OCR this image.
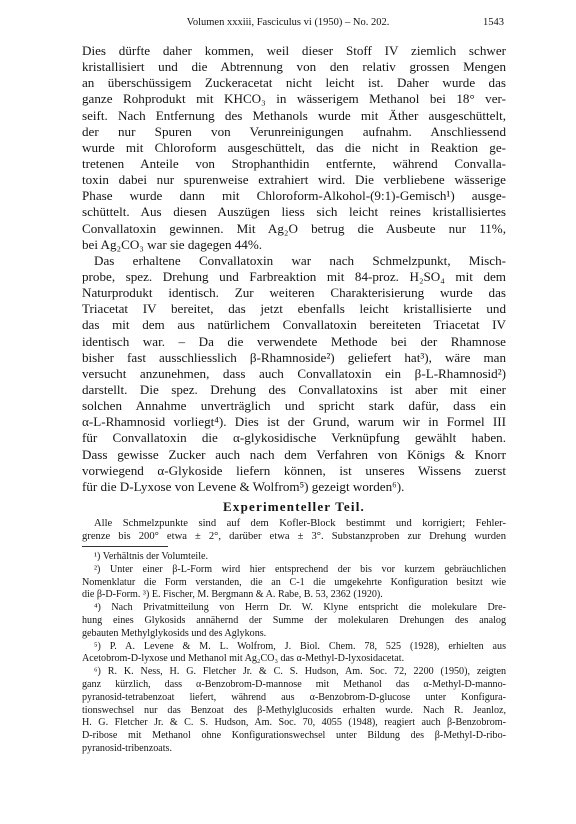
Volumen xxxiii, Fasciculus vi (1950) – No. 202.	1543
Dies dürfte daher kommen, weil dieser Stoff IV ziemlich schwer
kristallisiert und die Abtrennung von den relativ grossen Mengen
an überschüssigem Zuckeracetat nicht leicht ist. Daher wurde das
ganze Rohprodukt mit KHCO₃ in wässerigem Methanol bei 18° ver-
seift. Nach Entfernung des Methanols wurde mit Äther ausgeschüttelt,
der nur Spuren von Verunreinigungen aufnahm. Anschliessend
wurde mit Chloroform ausgeschüttelt, das die nicht in Reaktion ge-
tretenen Anteile von Strophanthidin entfernte, während Convalla-
toxin dabei nur spurenweise extrahiert wird. Die verbliebene wässerige
Phase wurde dann mit Chloroform-Alkohol-(9:1)-Gemisch¹) ausge-
schüttelt. Aus diesen Auszügen liess sich leicht reines kristallisiertes
Convallatoxin gewinnen. Mit Ag₂O betrug die Ausbeute nur 11%,
bei Ag₂CO₃ war sie dagegen 44%.
Das erhaltene Convallatoxin war nach Schmelzpunkt, Misch-
probe, spez. Drehung und Farbreaktion mit 84-proz. H₂SO₄ mit dem
Naturprodukt identisch. Zur weiteren Charakterisierung wurde das
Triacetat IV bereitet, das jetzt ebenfalls leicht kristallisierte und
das mit dem aus natürlichem Convallatoxin bereiteten Triacetat IV
identisch war. – Da die verwendete Methode bei der Rhamnose
bisher fast ausschliesslich β-Rhamnoside²) geliefert hat³), wäre man
versucht anzunehmen, dass auch Convallatoxin ein β-L-Rhamnosid²)
darstellt. Die spez. Drehung des Convallatoxins ist aber mit einer
solchen Annahme unverträglich und spricht stark dafür, dass ein
α-L-Rhamnosid vorliegt⁴). Dies ist der Grund, warum wir in Formel III
für Convallatoxin die α-glykosidische Verknüpfung gewählt haben.
Dass gewisse Zucker auch nach dem Verfahren von Königs & Knorr
vorwiegend α-Glykoside liefern können, ist unseres Wissens zuerst
für die D-Lyxose von Levene & Wolfrom⁵) gezeigt worden⁶).
Experimenteller Teil.
Alle Schmelzpunkte sind auf dem Kofler-Block bestimmt und korrigiert; Fehler-
grenze bis 200° etwa ± 2°, darüber etwa ± 3°. Substanzproben zur Drehung wurden
¹) Verhältnis der Volumteile.
²) Unter einer β-L-Form wird hier entsprechend der bis vor kurzem gebräuchlichen
Nomenklatur die Form verstanden, die an C-1 die umgekehrte Konfiguration besitzt wie
die β-D-Form. ³) E. Fischer, M. Bergmann & A. Rabe, B. 53, 2362 (1920).
⁴) Nach Privatmitteilung von Herrn Dr. W. Klyne entspricht die molekulare Dre-
hung eines Glykosids annähernd der Summe der molekularen Drehungen des analog
gebauten Methylglykosids und des Aglykons.
⁵) P. A. Levene & M. L. Wolfrom, J. Biol. Chem. 78, 525 (1928), erhielten aus
Acetobrom-D-lyxose und Methanol mit Ag₂CO₃ das α-Methyl-D-lyxosidacetat.
⁶) R. K. Ness, H. G. Fletcher Jr. & C. S. Hudson, Am. Soc. 72, 2200 (1950), zeigten
ganz kürzlich, dass α-Benzobrom-D-mannose mit Methanol das α-Methyl-D-manno-
pyranosid-tetrabenzoat liefert, während aus α-Benzobrom-D-glucose unter Konfigura-
tionswechsel nur das Benzoat des β-Methylglucosids erhalten wurde. Nach R. Jeanloz,
H. G. Fletcher Jr. & C. S. Hudson, Am. Soc. 70, 4055 (1948), reagiert auch β-Benzobrom-
D-ribose mit Methanol ohne Konfigurationswechsel unter Bildung des β-Methyl-D-ribo-
pyranosid-tribenzoats.
